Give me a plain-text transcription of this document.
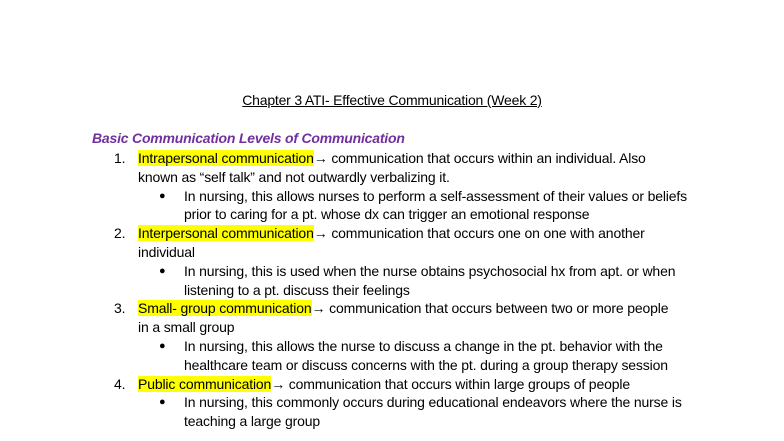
Chapter 3 ATI- Effective Communication (Week 2)
Basic Communication Levels of Communication
1. Intrapersonal communication→ communication that occurs within an individual. Also known as “self talk” and not outwardly verbalizing it.
● In nursing, this allows nurses to perform a self-assessment of their values or beliefs prior to caring for a pt. whose dx can trigger an emotional response
2. Interpersonal communication→ communication that occurs one on one with another individual
● In nursing, this is used when the nurse obtains psychosocial hx from apt. or when listening to a pt. discuss their feelings
3. Small- group communication→ communication that occurs between two or more people in a small group
● In nursing, this allows the nurse to discuss a change in the pt. behavior with the healthcare team or discuss concerns with the pt. during a group therapy session
4. Public communication→ communication that occurs within large groups of people
● In nursing, this commonly occurs during educational endeavors where the nurse is teaching a large group
